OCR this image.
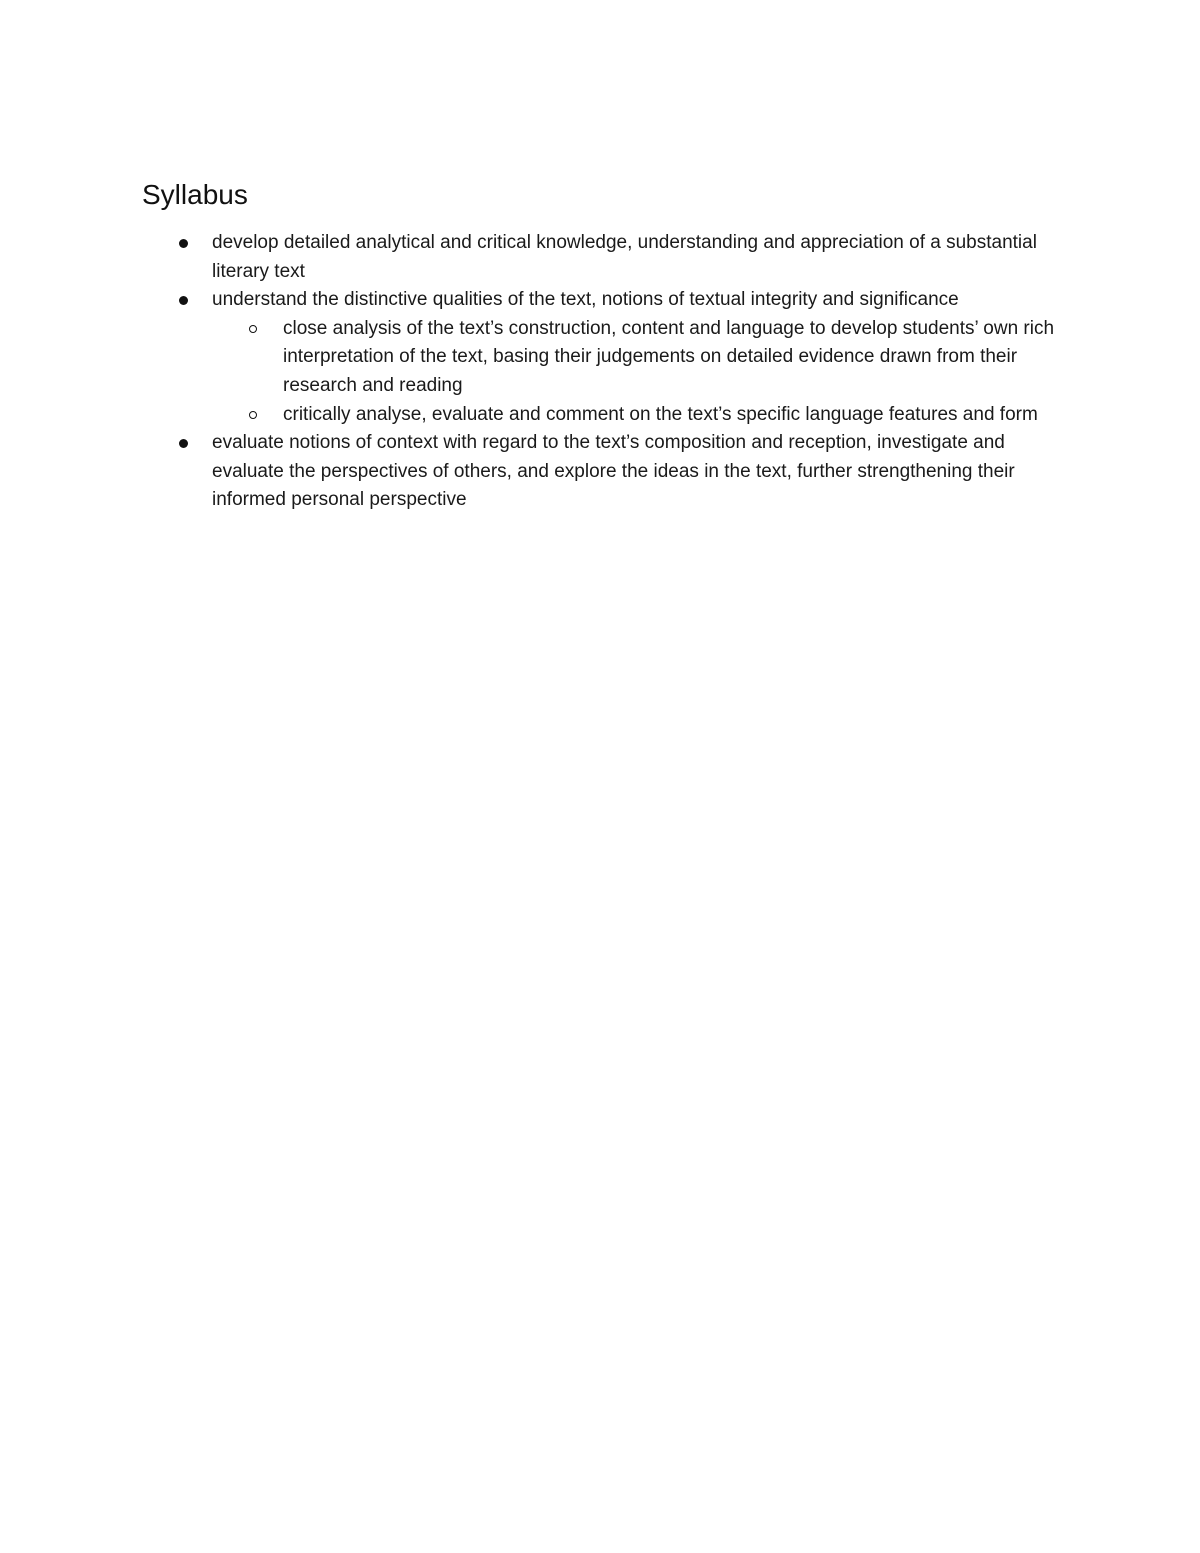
Syllabus
develop detailed analytical and critical knowledge, understanding and appreciation of a substantial literary text
understand the distinctive qualities of the text, notions of textual integrity and significance
close analysis of the text’s construction, content and language to develop students’ own rich interpretation of the text, basing their judgements on detailed evidence drawn from their research and reading
critically analyse, evaluate and comment on the text’s specific language features and form
evaluate notions of context with regard to the text’s composition and reception, investigate and evaluate the perspectives of others, and explore the ideas in the text, further strengthening their informed personal perspective
